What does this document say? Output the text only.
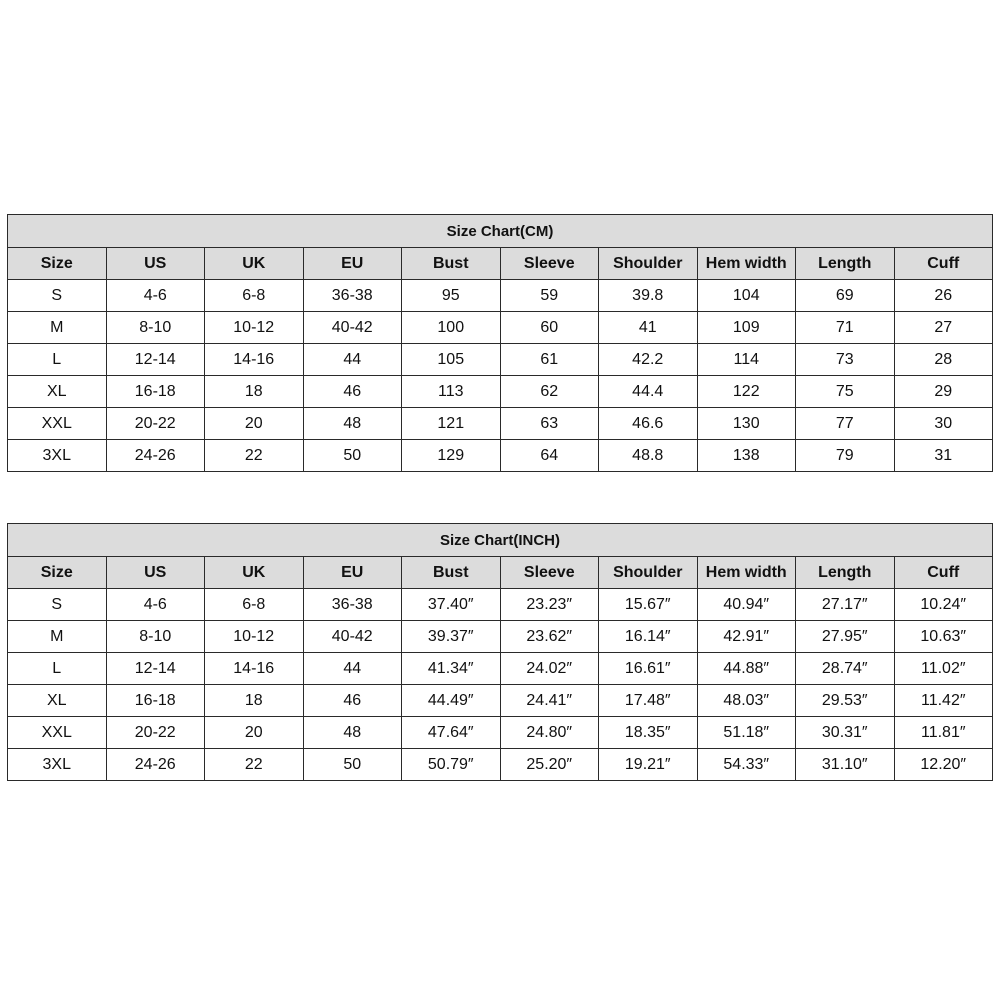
Size Chart(CM)									
Size	US	UK	EU	Bust	Sleeve	Shoulder	Hem width	Length	Cuff
S	4-6	6-8	36-38	95	59	39.8	104	69	26
M	8-10	10-12	40-42	100	60	41	109	71	27
L	12-14	14-16	44	105	61	42.2	114	73	28
XL	16-18	18	46	113	62	44.4	122	75	29
XXL	20-22	20	48	121	63	46.6	130	77	30
3XL	24-26	22	50	129	64	48.8	138	79	31
Size Chart(INCH)									
Size	US	UK	EU	Bust	Sleeve	Shoulder	Hem width	Length	Cuff
S	4-6	6-8	36-38	37.40″	23.23″	15.67″	40.94″	27.17″	10.24″
M	8-10	10-12	40-42	39.37″	23.62″	16.14″	42.91″	27.95″	10.63″
L	12-14	14-16	44	41.34″	24.02″	16.61″	44.88″	28.74″	11.02″
XL	16-18	18	46	44.49″	24.41″	17.48″	48.03″	29.53″	11.42″
XXL	20-22	20	48	47.64″	24.80″	18.35″	51.18″	30.31″	11.81″
3XL	24-26	22	50	50.79″	25.20″	19.21″	54.33″	31.10″	12.20″
